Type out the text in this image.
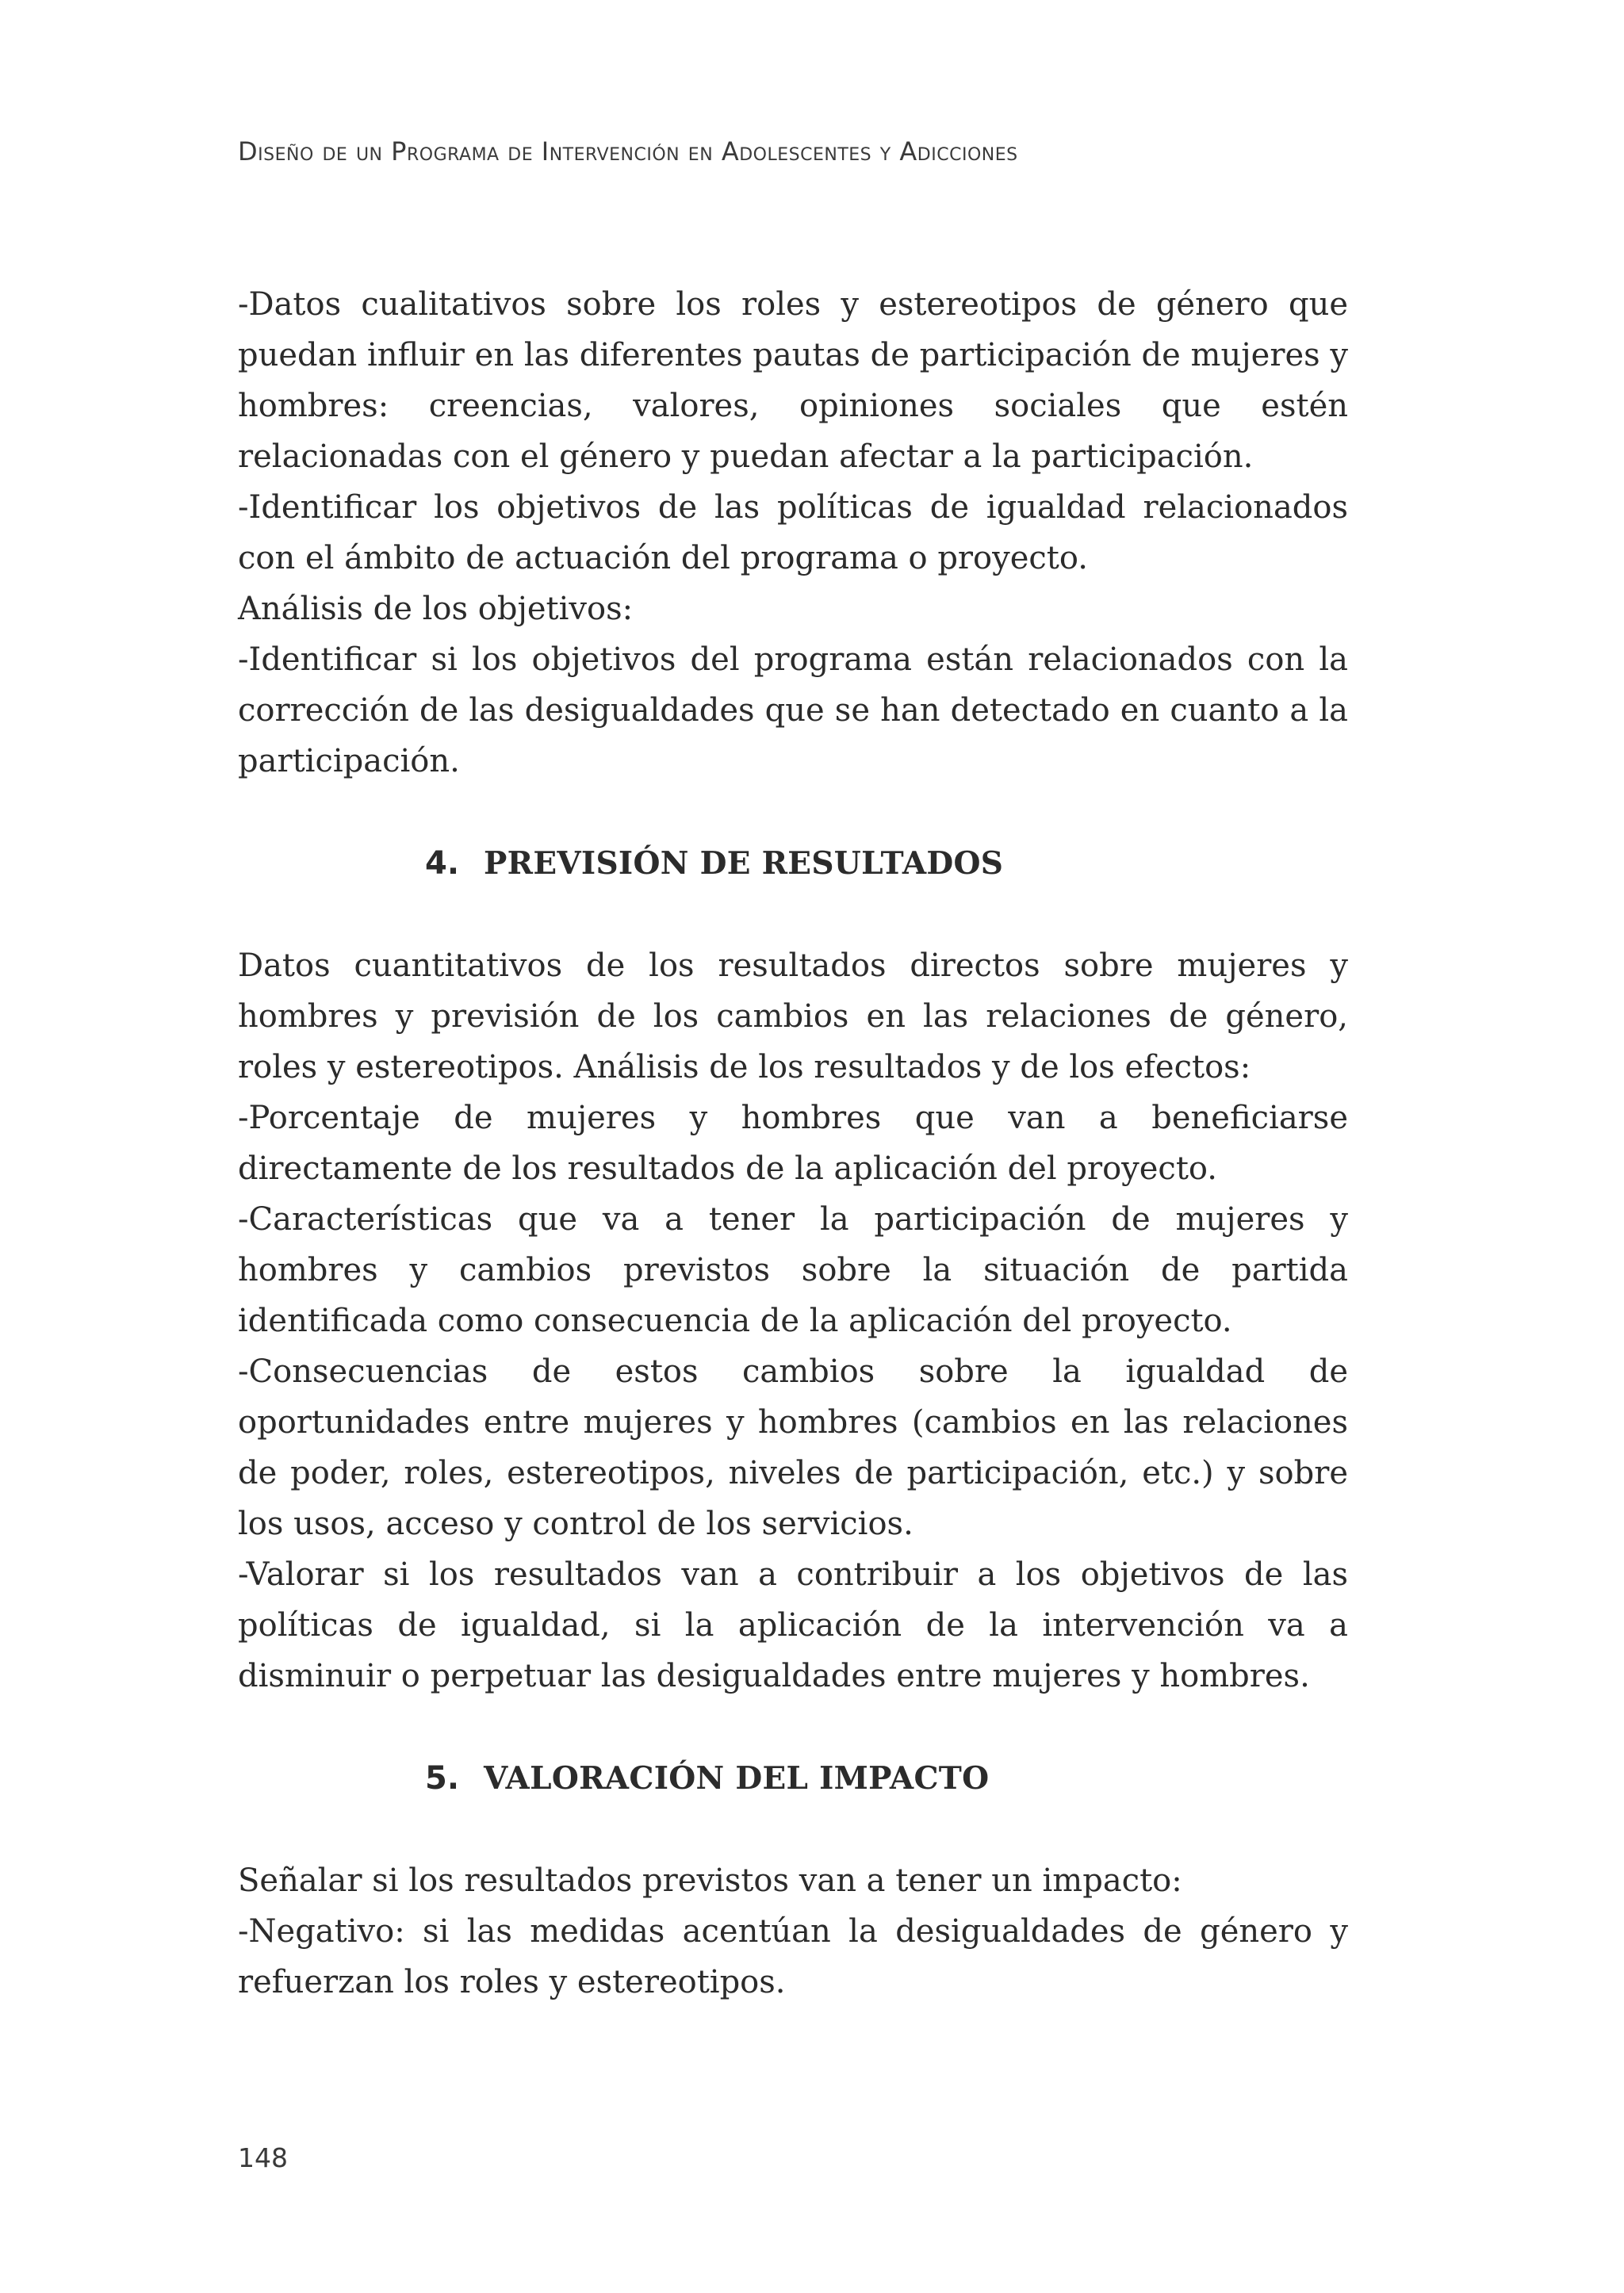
Diseño de un Programa de Intervención en Adolescentes y Adicciones

-Datos cualitativos sobre los roles y estereotipos de género que puedan influir en las diferentes pautas de participación de mujeres y hombres: creencias, valores, opiniones sociales que estén relacionadas con el género y puedan afectar a la participación.

-Identificar los objetivos de las políticas de igualdad relacionados con el ámbito de actuación del programa o proyecto.

Análisis de los objetivos:

-Identificar si los objetivos del programa están relacionados con la corrección de las desigualdades que se han detectado en cuanto a la participación.

4. PREVISIÓN DE RESULTADOS

Datos cuantitativos de los resultados directos sobre mujeres y hombres y previsión de los cambios en las relaciones de género, roles y estereotipos. Análisis de los resultados y de los efectos:

-Porcentaje de mujeres y hombres que van a beneficiarse directamente de los resultados de la aplicación del proyecto.

-Características que va a tener la participación de mujeres y hombres y cambios previstos sobre la situación de partida identificada como consecuencia de la aplicación del proyecto.

-Consecuencias de estos cambios sobre la igualdad de oportunidades entre mujeres y hombres (cambios en las relaciones de poder, roles, estereotipos, niveles de participación, etc.) y sobre los usos, acceso y control de los servicios.

-Valorar si los resultados van a contribuir a los objetivos de las políticas de igualdad, si la aplicación de la intervención va a disminuir o perpetuar las desigualdades entre mujeres y hombres.

5. VALORACIÓN DEL IMPACTO

Señalar si los resultados previstos van a tener un impacto:

-Negativo: si las medidas acentúan la desigualdades de género y refuerzan los roles y estereotipos.

148
